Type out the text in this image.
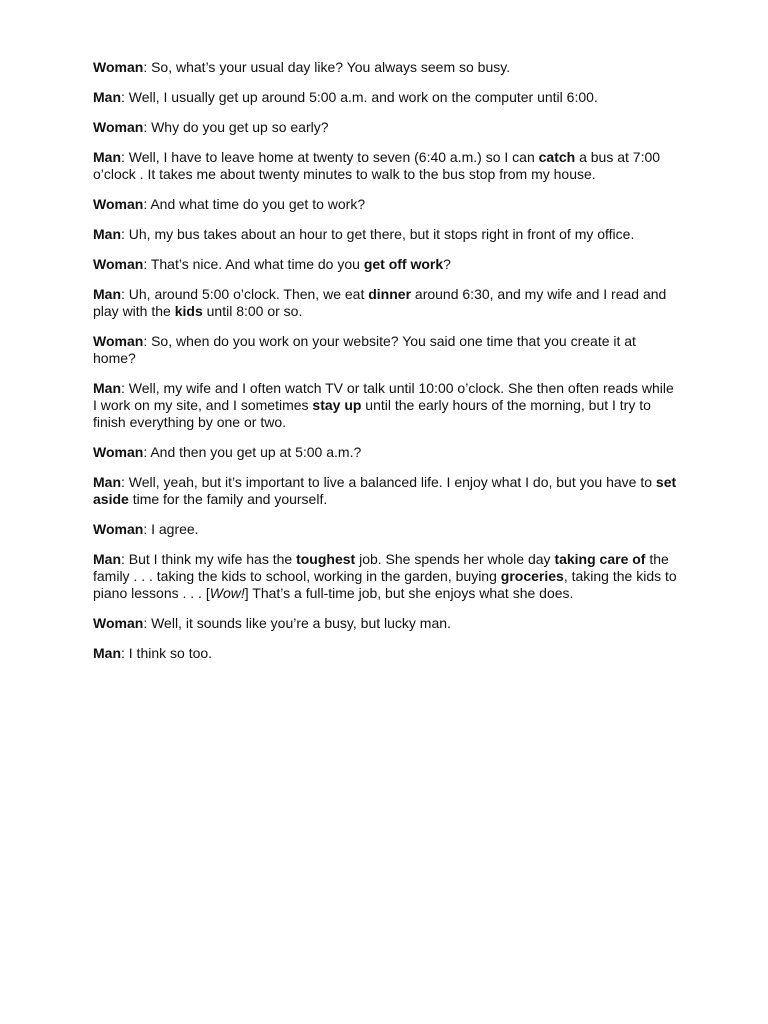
Woman: So, what’s your usual day like? You always seem so busy.

Man: Well, I usually get up around 5:00 a.m. and work on the computer until 6:00.

Woman: Why do you get up so early?

Man: Well, I have to leave home at twenty to seven (6:40 a.m.) so I can catch a bus at 7:00 o’clock . It takes me about twenty minutes to walk to the bus stop from my house.

Woman: And what time do you get to work?

Man: Uh, my bus takes about an hour to get there, but it stops right in front of my office.

Woman: That’s nice. And what time do you get off work?

Man: Uh, around 5:00 o’clock. Then, we eat dinner around 6:30, and my wife and I read and play with the kids until 8:00 or so.

Woman: So, when do you work on your website? You said one time that you create it at home?

Man: Well, my wife and I often watch TV or talk until 10:00 o’clock. She then often reads while I work on my site, and I sometimes stay up until the early hours of the morning, but I try to finish everything by one or two.

Woman: And then you get up at 5:00 a.m.?

Man: Well, yeah, but it’s important to live a balanced life. I enjoy what I do, but you have to set aside time for the family and yourself.

Woman: I agree.

Man: But I think my wife has the toughest job. She spends her whole day taking care of the family . . . taking the kids to school, working in the garden, buying groceries, taking the kids to piano lessons . . . [Wow!] That’s a full-time job, but she enjoys what she does.

Woman: Well, it sounds like you’re a busy, but lucky man.

Man: I think so too.
